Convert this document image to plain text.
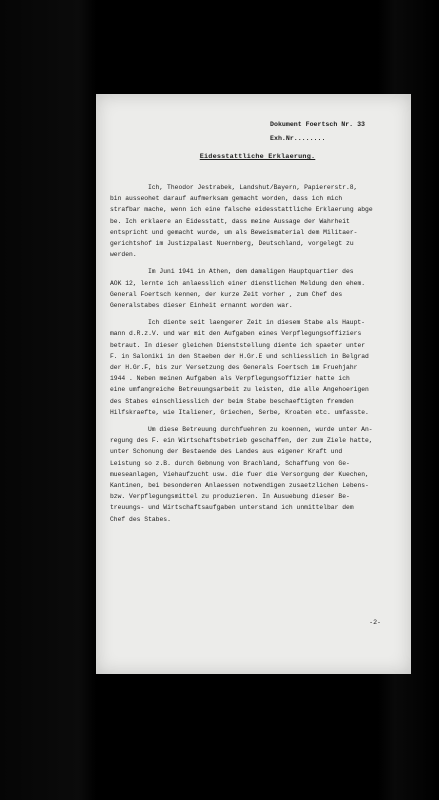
Dokument Foertsch Nr. 33
Exh.Nr........
Eidesstattliche Erklaerung.
Ich, Theodor Jestrabek, Landshut/Bayern, Papiererstr.8,
bin ausseohet darauf aufmerksam gemacht worden, dass ich mich
strafbar mache, wenn ich eine falsche eidesstattliche Erklaerung abge
be. Ich erklaere an Eidesstatt, dass meine Aussage der Wahrheit
entspricht und gemacht wurde, um als Beweismaterial dem Militaer-
gerichtshof im Justizpalast Nuernberg, Deutschland, vorgelegt zu
werden.
Im Juni 1941 in Athen, dem damaligen Hauptquartier des
AOK 12, lernte ich anlaesslich einer dienstlichen Meldung den ehem.
General Foertsch kennen, der kurze Zeit vorher , zum Chef des
Generalstabes dieser Einheit ernannt worden war.
Ich diente seit laengerer Zeit in diesem Stabe als Haupt-
mann d.R.z.V. und war mit den Aufgaben eines Verpflegungsoffiziers
betraut. In dieser gleichen Dienststellung diente ich spaeter unter
F. in Saloniki in den Staeben der H.Gr.E und schliesslich in Belgrad
der H.Gr.F, bis zur Versetzung des Generals Foertsch im Fruehjahr
1944 . Neben meinen Aufgaben als Verpflegungsoffizier hatte ich
eine umfangreiche Betreuungsarbeit zu leisten, die alle Angehoerigen
des Stabes einschliesslich der beim Stabe beschaeftigten fremden
Hilfskraefte, wie Italiener, Griechen, Serbe, Kroaten etc. umfasste.
Um diese Betreuung durchfuehren zu koennen, wurde unter An-
regung des F. ein Wirtschaftsbetrieb geschaffen, der zum Ziele hatte,
unter Schonung der Bestaende des Landes aus eigener Kraft und
Leistung so z.B. durch Gebnung von Brachland, Schaffung von Ge-
mueseanlagen, Viehaufzucht usw. die fuer die Versorgung der Kuechen,
Kantinen, bei besonderen Anlaessen notwendigen zusaetzlichen Lebens-
bzw. Verpflegungsmittel zu produzieren. In Ausuebung dieser Be-
treuungs- und Wirtschaftsaufgaben unterstand ich unmittelbar dem
Chef des Stabes.
-2-
